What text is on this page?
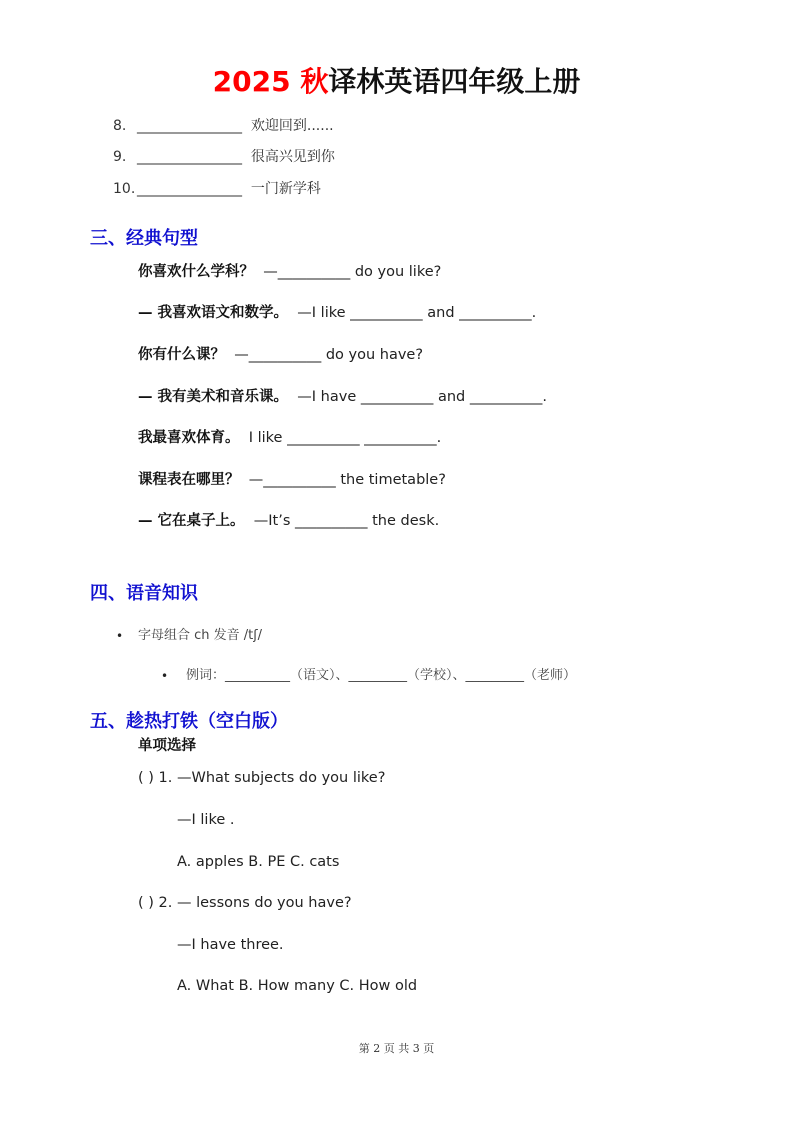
2025 秋译林英语四年级上册
8. _______________ 欢迎回到......
9. _______________ 很高兴见到你
10. _______________ 一门新学科
三、经典句型
你喜欢什么学科？ —__________ do you like?
— 我喜欢语文和数学。 —I like __________ and __________.
你有什么课？ —__________ do you have?
— 我有美术和音乐课。 —I have __________ and __________.
我最喜欢体育。 I like __________ __________.
课程表在哪里？ —__________ the timetable?
— 它在桌子上。 —It’s __________ the desk.
四、语音知识
• 字母组合 ch 发音 /tʃ/
• 例词：__________（语文）、_________（学校）、_________（老师）
五、趁热打铁（空白版）
单项选择
( ) 1. —What subjects do you like?
—I like .
A. apples B. PE C. cats
( ) 2. — lessons do you have?
—I have three.
A. What B. How many C. How old
第 2 页 共 3 页
